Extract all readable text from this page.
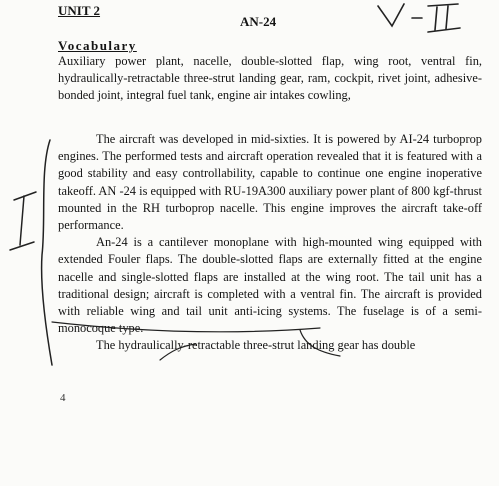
UNIT 2
AN-24
Vocabulary
Auxiliary power plant, nacelle, double-slotted flap, wing root, ventral fin, hydraulically-retractable three-strut landing gear, ram, cockpit, rivet joint, adhesive-bonded joint, integral fuel tank, engine air intakes cowling,

The aircraft was developed in mid-sixties. It is powered by AI-24 turboprop engines. The performed tests and aircraft operation revealed that it is featured with a good stability and easy controllability, capable to continue one engine inoperative takeoff. AN -24 is equipped with RU-19A300 auxiliary power plant of 800 kgf-thrust mounted in the RH turboprop nacelle. This engine improves the aircraft take-off performance.

An-24 is a cantilever monoplane with high-mounted wing equipped with extended Fouler flaps. The double-slotted flaps are externally fitted at the engine nacelle and single-slotted flaps are installed at the wing root. The tail unit has a traditional design; aircraft is completed with a ventral fin. The aircraft is provided with reliable wing and tail unit anti-icing systems. The fuselage is of a semi-monocoque type.

The hydraulically-retractable three-strut landing gear has double

4
